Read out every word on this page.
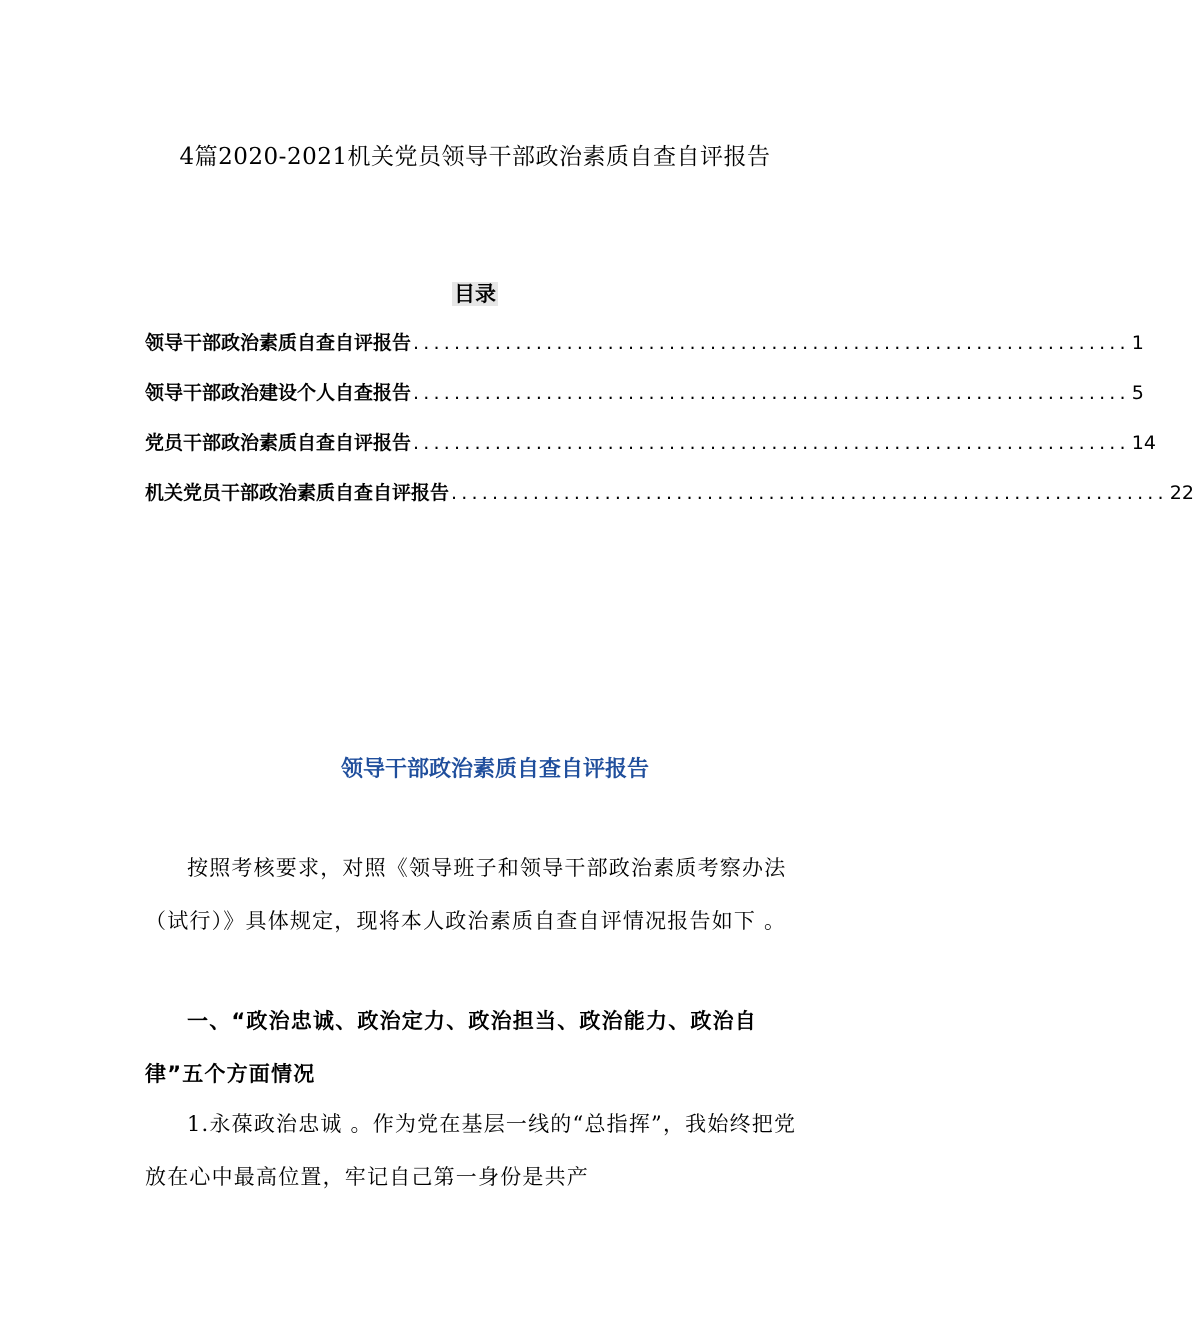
4篇2020-2021机关党员领导干部政治素质自查自评报告
目录
领导干部政治素质自查自评报告 ...................................................................... 1
领导干部政治建设个人自查报告 ...................................................................... 5
党员干部政治素质自查自评报告 ...................................................................... 14
机关党员干部政治素质自查自评报告 ...................................................................... 22
领导干部政治素质自查自评报告
按照考核要求，对照《领导班子和领导干部政治素质考察办法（试行）》具体规定，现将本人政治素质自查自评情况报告如下 。
一、“政治忠诚、政治定力、政治担当、政治能力、政治自律”五个方面情况
1.永葆政治忠诚 。作为党在基层一线的“总指挥”，我始终把党放在心中最高位置，牢记自己第一身份是共产
